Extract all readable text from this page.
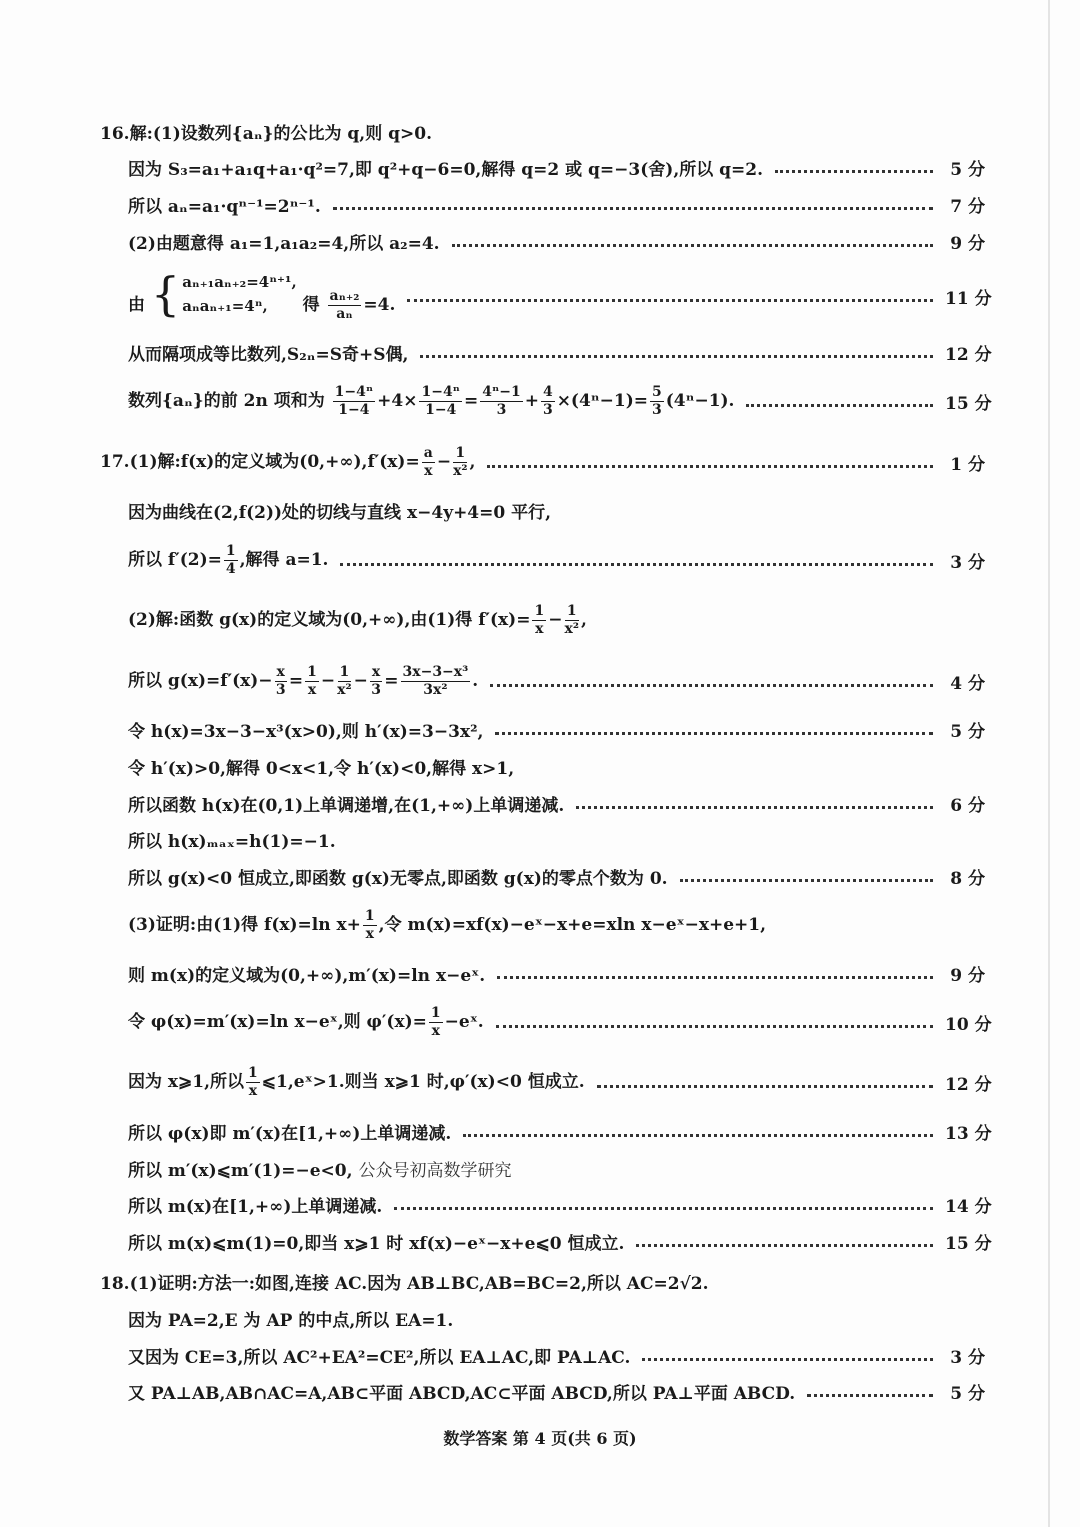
16.解:(1)设数列{aₙ}的公比为 q,则 q>0.
因为 S₃=a₁+a₁q+a₁·q²=7,即 q²+q−6=0,解得 q=2 或 q=−3(舍),所以 q=2.	5 分
所以 aₙ=a₁·qⁿ⁻¹=2ⁿ⁻¹.	7 分
(2)由题意得 a₁=1,a₁a₂=4,所以 a₂=4.	9 分
由 { aₙ₊₁aₙ₊₂=4ⁿ⁺¹,
aₙaₙ₊₁=4ⁿ,	得 $\frac{\text{aₙ₊₂}}{\text{aₙ}} =4$.	11 分
从而隔项成等比数列,S₂ₙ=S奇+S偶,	12 分
数列{aₙ}的前 2n 项和为 $\frac{\text{1−4ⁿ}}{1-4} +4\times \frac{\text{1−4ⁿ}}{1-4} = \frac{\text{4ⁿ−1}}{3} + \frac{4}{3} \times(4^n-1)= \frac{5}{3} (4^n-1)$.	15 分
17.(1)解:f(x)的定义域为$(0,+\infty),f'(x)= \frac{a}{x} - \frac{1}{\text{x²}}$ ,	1 分
因为曲线在(2,f(2))处的切线与直线 x−4y+4=0 平行,
所以 $f'(2)= \frac{1}{4}$ ,解得 a=1.	3 分
(2)解:函数 g(x)的定义域为(0,+∞),由(1)得 $f'(x)= \frac{1}{x} - \frac{1}{\text{x²}}$ ,
所以 $g(x)=f'(x)- \frac{x}{3} = \frac{1}{x} - \frac{1}{\text{x²}} - \frac{x}{3} = \frac{\text{3x−3−x³}}{\text{3x²}}$ .	4 分
令 h(x)=3x−3−x³(x>0),则 h′(x)=3−3x²,	5 分
令 h′(x)>0,解得 0<x<1,令 h′(x)<0,解得 x>1,
所以函数 h(x)在(0,1)上单调递增,在(1,+∞)上单调递减.	6 分
所以 h(x)ₘₐₓ=h(1)=−1.
所以 g(x)<0 恒成立,即函数 g(x)无零点,即函数 g(x)的零点个数为 0.	8 分
(3)证明:由(1)得 f(x)=ln $x+ \frac{1}{x}$ ,令 m(x)=xf(x)−eˣ−x+e=xln x−eˣ−x+e+1,
则 m(x)的定义域为(0,+∞),m′(x)=ln x−eˣ.	9 分
令 φ(x)=m′(x)=ln x−eˣ,则 $\varphi'(x)= \frac{1}{x}$ −eˣ.	10 分
因为 x⩾1,所以 $\frac{1}{x}$ ⩽1,eˣ>1.则当 x⩾1 时,φ′(x)<0 恒成立.	12 分
所以 φ(x)即 m′(x)在[1,+∞)上单调递减.	13 分
所以 m′(x)⩽m′(1)=−e<0, 公众号初高数学研究
所以 m(x)在[1,+∞)上单调递减.	14 分
所以 m(x)⩽m(1)=0,即当 x⩾1 时 xf(x)−eˣ−x+e⩽0 恒成立.	15 分
18.(1)证明:方法一:如图,连接 AC.因为 AB⊥BC,AB=BC=2,所以 AC=2√2.
因为 PA=2,E 为 AP 的中点,所以 EA=1.
又因为 CE=3,所以 AC²+EA²=CE²,所以 EA⊥AC,即 PA⊥AC.	3 分
又 PA⊥AB,AB∩AC=A,AB⊂平面 ABCD,AC⊂平面 ABCD,所以 PA⊥平面 ABCD.	5 分
数学答案 第 4 页(共 6 页)
